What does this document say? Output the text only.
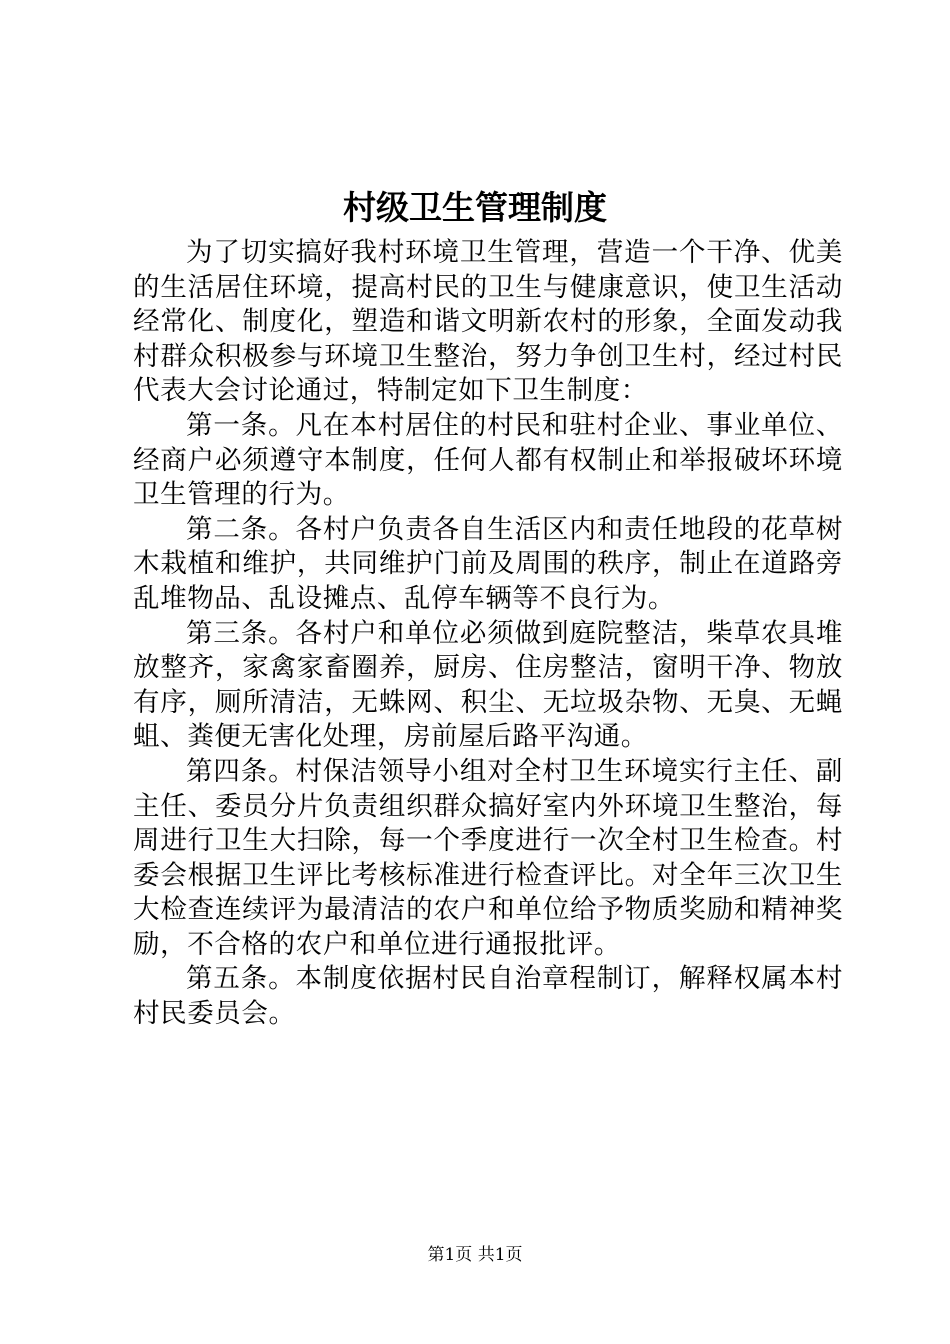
村级卫生管理制度

为了切实搞好我村环境卫生管理，营造一个干净、优美的生活居住环境，提高村民的卫生与健康意识，使卫生活动经常化、制度化，塑造和谐文明新农村的形象，全面发动我村群众积极参与环境卫生整治，努力争创卫生村，经过村民代表大会讨论通过，特制定如下卫生制度：

第一条。凡在本村居住的村民和驻村企业、事业单位、经商户必须遵守本制度，任何人都有权制止和举报破坏环境卫生管理的行为。

第二条。各村户负责各自生活区内和责任地段的花草树木栽植和维护，共同维护门前及周围的秩序，制止在道路旁乱堆物品、乱设摊点、乱停车辆等不良行为。

第三条。各村户和单位必须做到庭院整洁，柴草农具堆放整齐，家禽家畜圈养，厨房、住房整洁，窗明干净、物放有序，厕所清洁，无蛛网、积尘、无垃圾杂物、无臭、无蝇蛆、粪便无害化处理，房前屋后路平沟通。

第四条。村保洁领导小组对全村卫生环境实行主任、副主任、委员分片负责组织群众搞好室内外环境卫生整治，每周进行卫生大扫除，每一个季度进行一次全村卫生检查。村委会根据卫生评比考核标准进行检查评比。对全年三次卫生大检查连续评为最清洁的农户和单位给予物质奖励和精神奖励，不合格的农户和单位进行通报批评。

第五条。本制度依据村民自治章程制订，解释权属本村村民委员会。

第1页 共1页
